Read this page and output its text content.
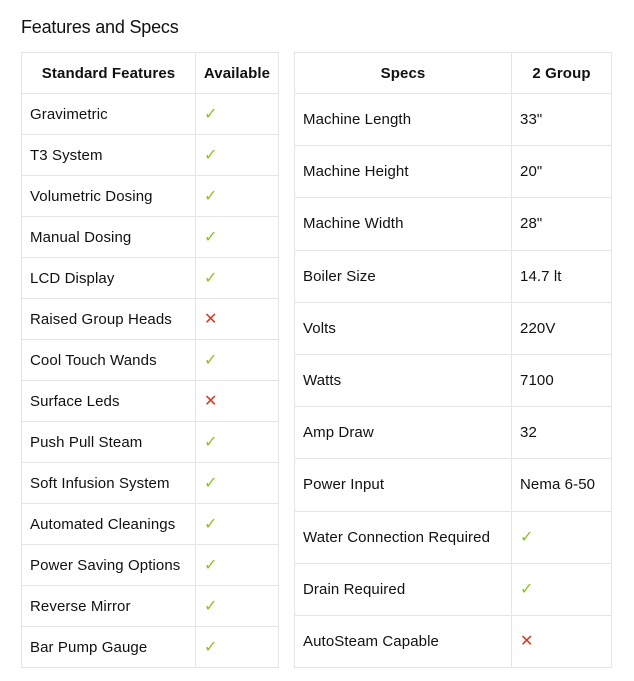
Features and Specs
Standard Features	Available
Gravimetric	✓
T3 System	✓
Volumetric Dosing	✓
Manual Dosing	✓
LCD Display	✓
Raised Group Heads	✕
Cool Touch Wands	✓
Surface Leds	✕
Push Pull Steam	✓
Soft Infusion System	✓
Automated Cleanings	✓
Power Saving Options	✓
Reverse Mirror	✓
Bar Pump Gauge	✓
Specs	2 Group
Machine Length	33"
Machine Height	20"
Machine Width	28"
Boiler Size	14.7 lt
Volts	220V
Watts	7100
Amp Draw	32
Power Input	Nema 6-50
Water Connection Required	✓
Drain Required	✓
AutoSteam Capable	✕
